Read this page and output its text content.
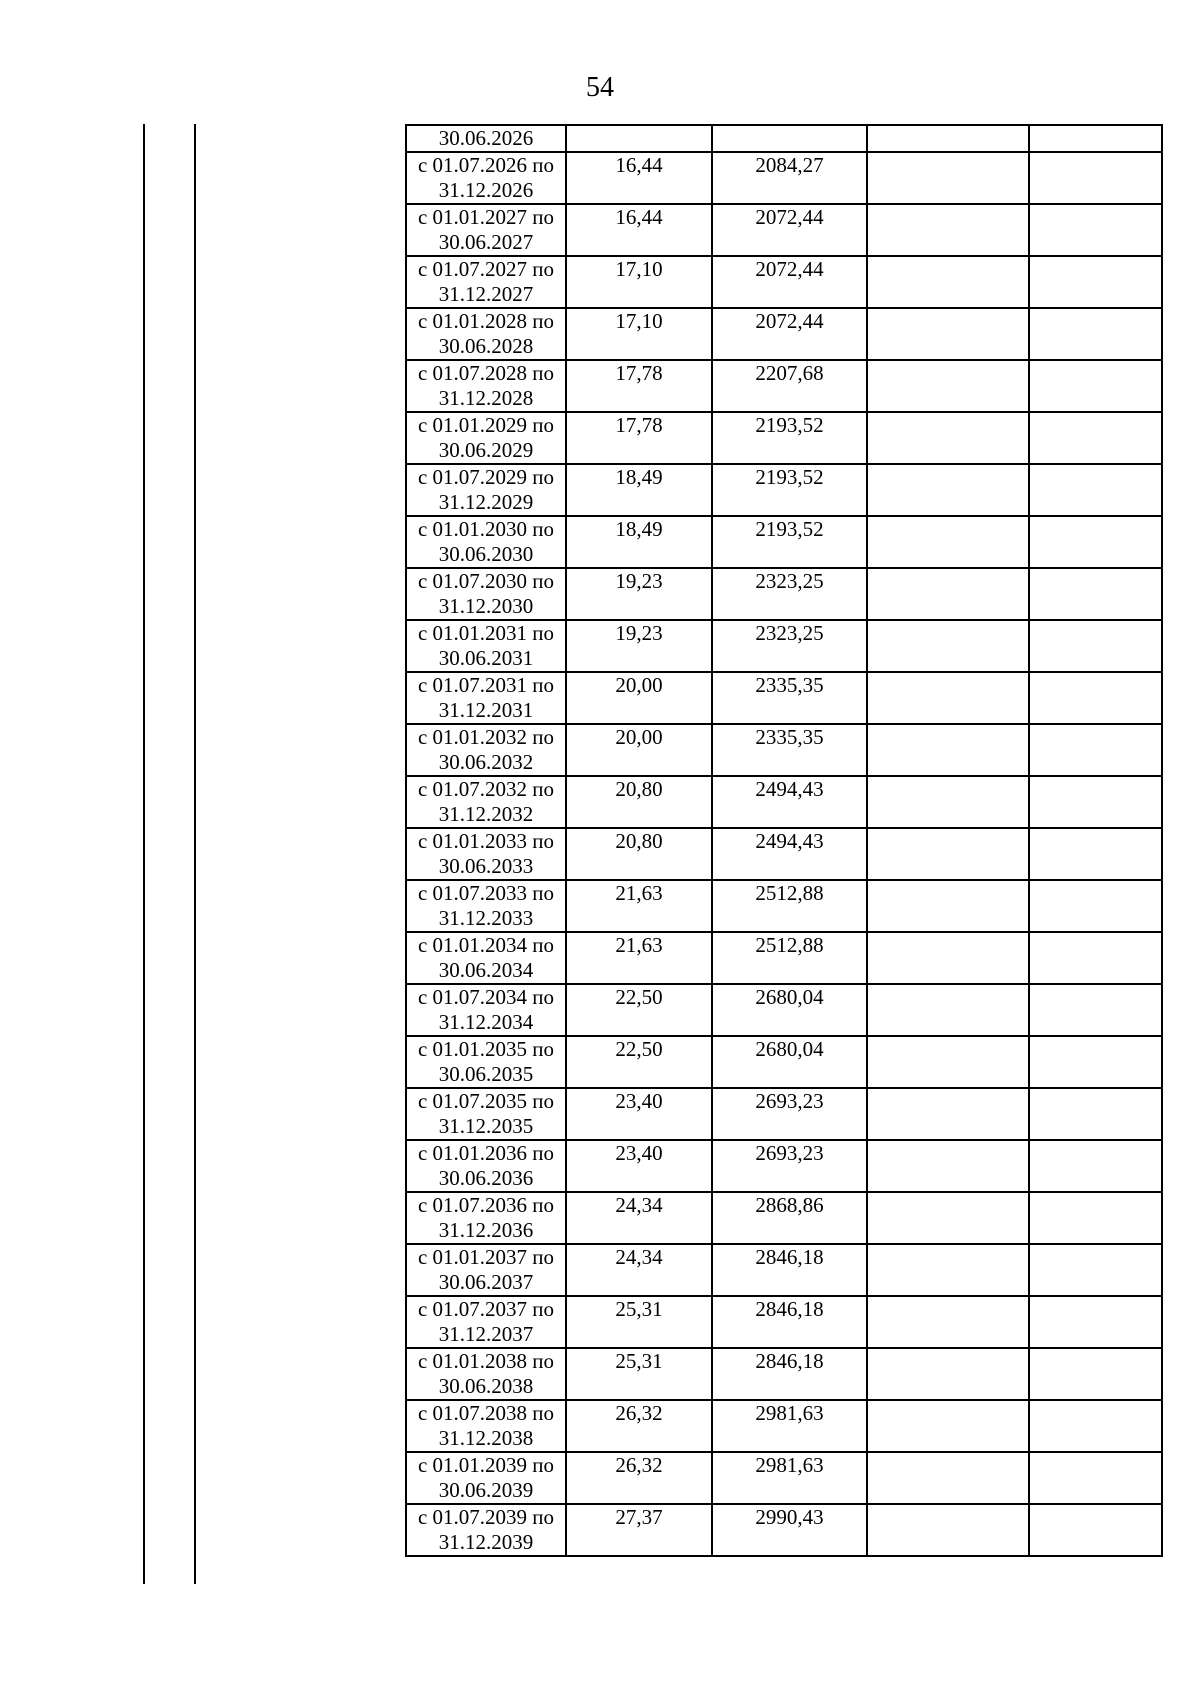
54
30.06.2026				

с 01.07.2026 по
31.12.2026	16,44	2084,27		

с 01.01.2027 по
30.06.2027	16,44	2072,44		

с 01.07.2027 по
31.12.2027	17,10	2072,44		

с 01.01.2028 по
30.06.2028	17,10	2072,44		

с 01.07.2028 по
31.12.2028	17,78	2207,68		

с 01.01.2029 по
30.06.2029	17,78	2193,52		

с 01.07.2029 по
31.12.2029	18,49	2193,52		

с 01.01.2030 по
30.06.2030	18,49	2193,52		

с 01.07.2030 по
31.12.2030	19,23	2323,25		

с 01.01.2031 по
30.06.2031	19,23	2323,25		

с 01.07.2031 по
31.12.2031	20,00	2335,35		

с 01.01.2032 по
30.06.2032	20,00	2335,35		

с 01.07.2032 по
31.12.2032	20,80	2494,43		

с 01.01.2033 по
30.06.2033	20,80	2494,43		

с 01.07.2033 по
31.12.2033	21,63	2512,88		

с 01.01.2034 по
30.06.2034	21,63	2512,88		

с 01.07.2034 по
31.12.2034	22,50	2680,04		

с 01.01.2035 по
30.06.2035	22,50	2680,04		

с 01.07.2035 по
31.12.2035	23,40	2693,23		

с 01.01.2036 по
30.06.2036	23,40	2693,23		

с 01.07.2036 по
31.12.2036	24,34	2868,86		

с 01.01.2037 по
30.06.2037	24,34	2846,18		

с 01.07.2037 по
31.12.2037	25,31	2846,18		

с 01.01.2038 по
30.06.2038	25,31	2846,18		

с 01.07.2038 по
31.12.2038	26,32	2981,63		

с 01.01.2039 по
30.06.2039	26,32	2981,63		

с 01.07.2039 по
31.12.2039	27,37	2990,43		
